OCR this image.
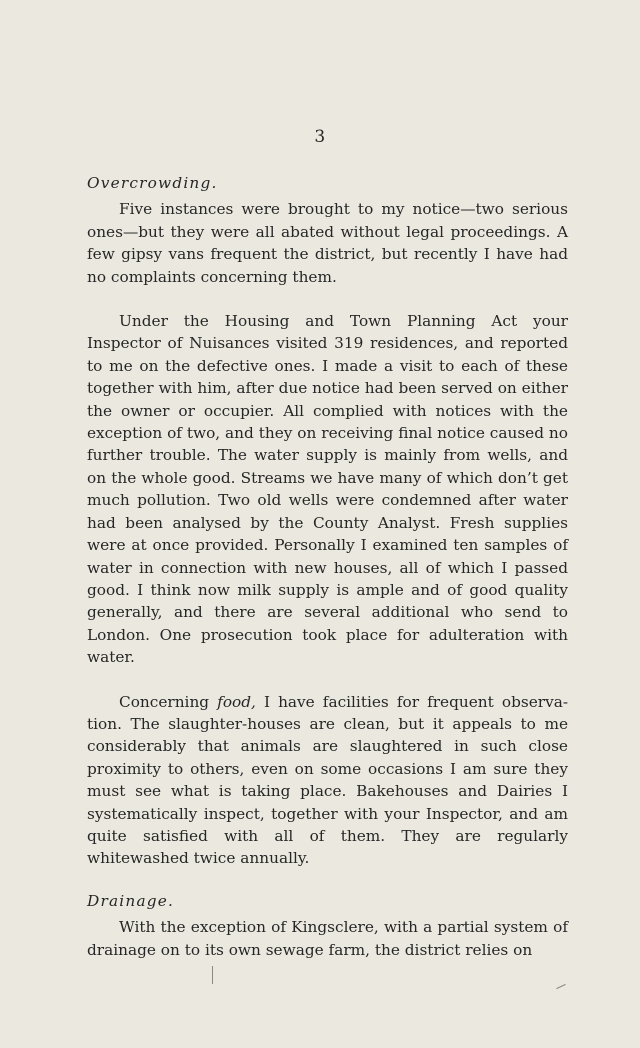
3
Overcrowding.

Five instances were brought to my notice—two serious ones—but they were all abated without legal proceedings. A few gipsy vans frequent the district, but recently I have had no complaints concerning them.

Under the Housing and Town Planning Act your Inspector of Nuisances visited 319 residences, and reported to me on the defective ones. I made a visit to each of these together with him, after due notice had been served on either the owner or occupier. All complied with notices with the exception of two, and they on receiving final notice caused no further trouble. The water supply is mainly from wells, and on the whole good. Streams we have many of which don’t get much pollution. Two old wells were condemned after water had been analysed by the County Analyst. Fresh supplies were at once provided. Personally I examined ten samples of water in connection with new houses, all of which I passed good. I think now milk supply is ample and of good quality generally, and there are several additional who send to London. One prosecution took place for adulteration with water.

Concerning food, I have facilities for frequent observa-tion. The slaughter-houses are clean, but it appeals to me considerably that animals are slaughtered in such close proximity to others, even on some occasions I am sure they must see what is taking place. Bakehouses and Dairies I systematically inspect, together with your Inspector, and am quite satisfied with all of them. They are regularly whitewashed twice annually.

Drainage.

With the exception of Kingsclere, with a partial system of drainage on to its own sewage farm, the district relies on
